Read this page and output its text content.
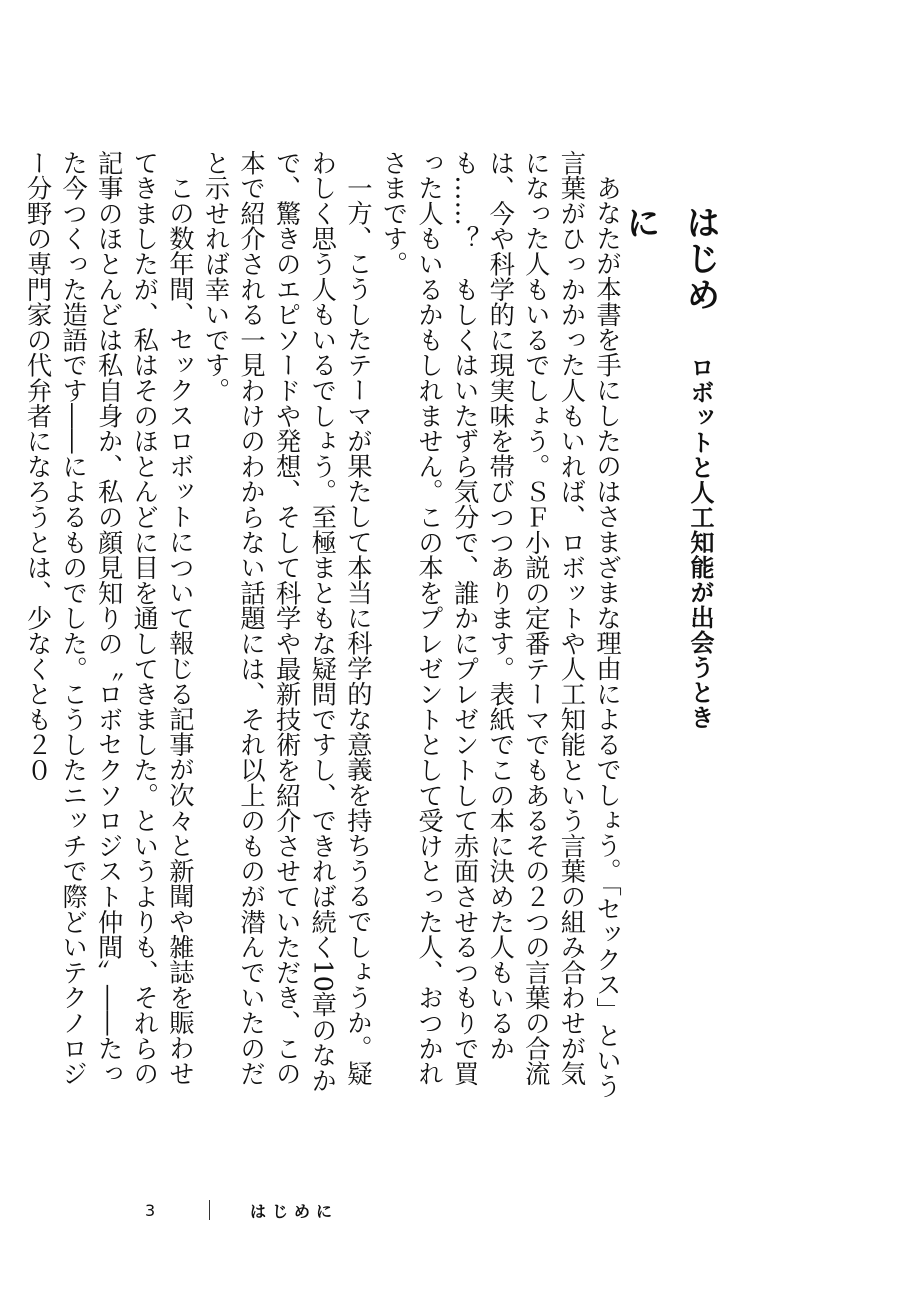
はじめに
ロボットと人工知能が出会うとき

あなたが本書を手にしたのはさまざまな理由によるでしょう。「セックス」という言葉がひっかかった人もいれば、ロボットや人工知能という言葉の組み合わせが気になった人もいるでしょう。ＳＦ小説の定番テーマでもあるその２つの言葉の合流は、今や科学的に現実味を帯びつつあります。表紙でこの本に決めた人もいるかも……？　もしくはいたずら気分で、誰かにプレゼントして赤面させるつもりで買った人もいるかもしれません。この本をプレゼントとして受けとった人、おつかれさまです。

一方、こうしたテーマが果たして本当に科学的な意義を持ちうるでしょうか。疑わしく思う人もいるでしょう。至極まともな疑問ですし、できれば続く10章のなかで、驚きのエピソードや発想、そして科学や最新技術を紹介させていただき、この本で紹介される一見わけのわからない話題には、それ以上のものが潜んでいたのだと示せれば幸いです。

この数年間、セックスロボットについて報じる記事が次々と新聞や雑誌を賑わせてきましたが、私はそのほとんどに目を通してきました。というよりも、それらの記事のほとんどは私自身か、私の顔見知りの〝ロボセクソロジスト仲間〟――たった今つくった造語です――によるものでした。こうしたニッチで際どいテクノロジー分野の専門家の代弁者になろうとは、少なくとも２０

3	はじめに
